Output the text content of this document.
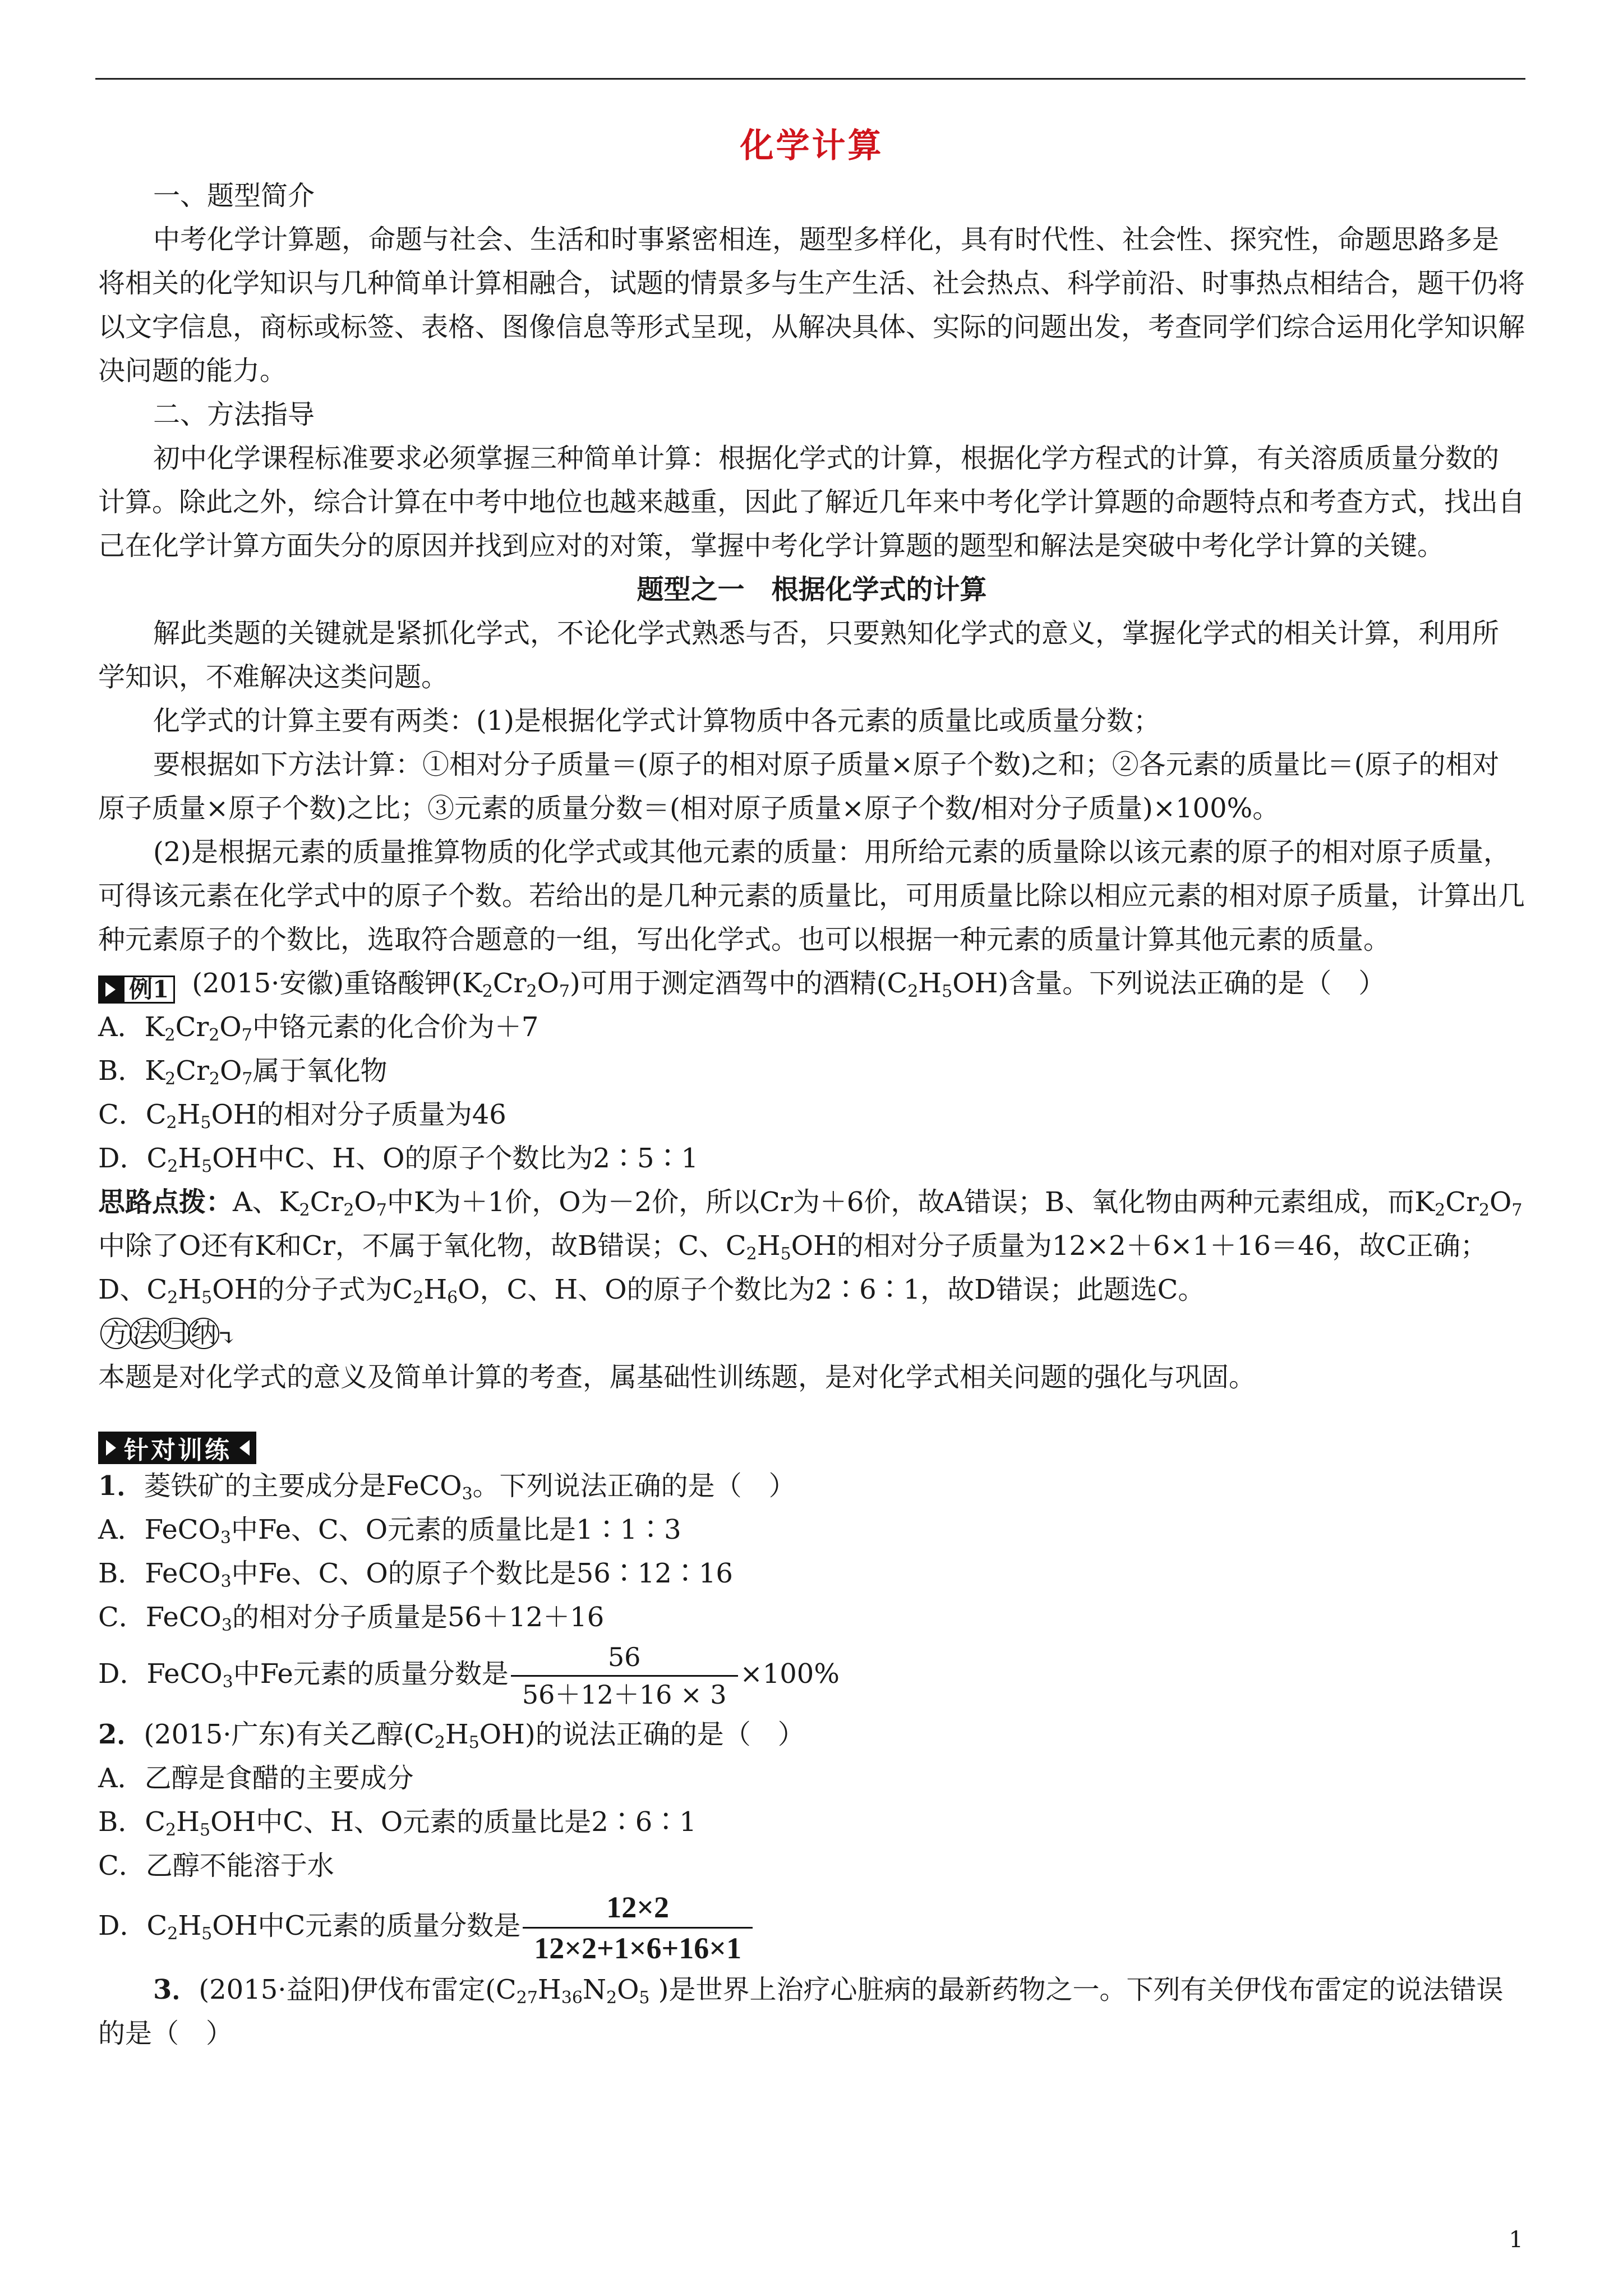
化学计算

一、题型简介

中考化学计算题，命题与社会、生活和时事紧密相连，题型多样化，具有时代性、社会性、探究性，命题思路多是将相关的化学知识与几种简单计算相融合，试题的情景多与生产生活、社会热点、科学前沿、时事热点相结合，题干仍将以文字信息，商标或标签、表格、图像信息等形式呈现，从解决具体、实际的问题出发，考查同学们综合运用化学知识解决问题的能力。

二、方法指导

初中化学课程标准要求必须掌握三种简单计算：根据化学式的计算，根据化学方程式的计算，有关溶质质量分数的计算。除此之外，综合计算在中考中地位也越来越重，因此了解近几年来中考化学计算题的命题特点和考查方式，找出自己在化学计算方面失分的原因并找到应对的对策，掌握中考化学计算题的题型和解法是突破中考化学计算的关键。

题型之一　根据化学式的计算

解此类题的关键就是紧抓化学式，不论化学式熟悉与否，只要熟知化学式的意义，掌握化学式的相关计算，利用所学知识，不难解决这类问题。

化学式的计算主要有两类：(1)是根据化学式计算物质中各元素的质量比或质量分数；

要根据如下方法计算：①相对分子质量＝(原子的相对原子质量×原子个数)之和；②各元素的质量比＝(原子的相对原子质量×原子个数)之比；③元素的质量分数＝(相对原子质量×原子个数/相对分子质量)×100%。

(2)是根据元素的质量推算物质的化学式或其他元素的质量：用所给元素的质量除以该元素的原子的相对原子质量，可得该元素在化学式中的原子个数。若给出的是几种元素的质量比，可用质量比除以相应元素的相对原子质量，计算出几种元素原子的个数比，选取符合题意的一组，写出化学式。也可以根据一种元素的质量计算其他元素的质量。

例1 (2015·安徽)重铬酸钾$(K_2Cr_2O_7)$可用于测定酒驾中的酒精$(C_2H_5OH)$含量。下列说法正确的是（　）

A．$K_2Cr_2O_7$中铬元素的化合价为＋7

B．$K_2Cr_2O_7$属于氧化物

C．$C_2H_5OH$的相对分子质量为46

D．$C_2H_5OH$中C、H、O的原子个数比为2∶5∶1

思路点拨：A、$K_2Cr_2O_7$中K为＋1价，O为－2价，所以Cr为＋6价，故A错误；B、氧化物由两种元素组成，而$K_2Cr_2O_7$中除了O还有K和Cr，不属于氧化物，故B错误；C、$C_2H_5OH$的相对分子质量为12×2＋6×1＋16＝46，故C正确；D、$C_2H_5OH$的分子式为$C_2H_6O$，C、H、O的原子个数比为2∶6∶1，故D错误；此题选C。

方 法 归 纳↴

本题是对化学式的意义及简单计算的考查，属基础性训练题，是对化学式相关问题的强化与巩固。

针对训练

1．菱铁矿的主要成分是FeCO$_3$。下列说法正确的是（　）

A．FeCO$_3$中Fe、C、O元素的质量比是1∶1∶3

B．FeCO$_3$中Fe、C、O的原子个数比是56∶12∶16

C．FeCO$_3$的相对分子质量是56＋12＋16

D．FeCO$_3$中Fe元素的质量分数是 $\frac{56}{56+12+16 \times 3} \times 100\%$

2．(2015·广东)有关乙醇$(C_2H_5OH)$的说法正确的是（　）

A．乙醇是食醋的主要成分

B．$C_2H_5OH$中C、H、O元素的质量比是2∶6∶1

C．乙醇不能溶于水

D．$C_2H_5OH$中C元素的质量分数是 $\frac{12\times 2}{12\times 2+1\times 6+16\times 1}$

3．(2015·益阳)伊伐布雷定($C_{27}H_{36}N_2O_5$ )是世界上治疗心脏病的最新药物之一。下列有关伊伐布雷定的说法错误的是（　）

1
